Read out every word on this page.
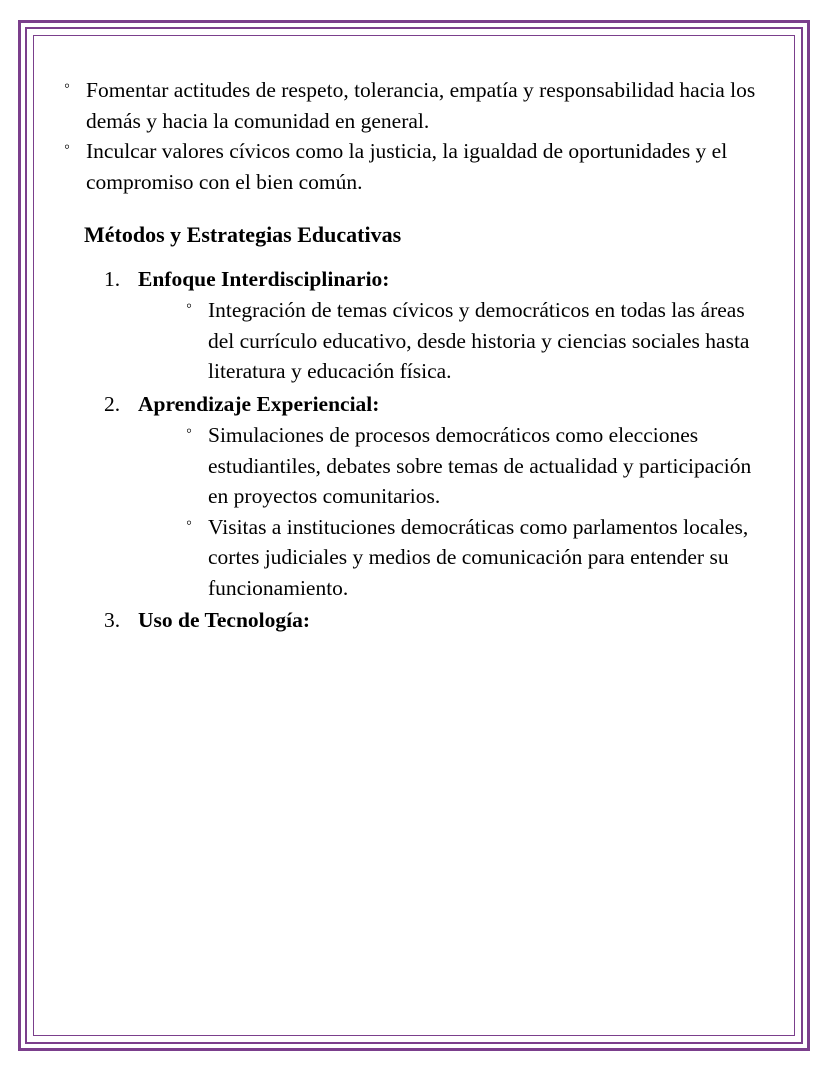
◦ Fomentar actitudes de respeto, tolerancia, empatía y responsabilidad hacia los demás y hacia la comunidad en general.
◦ Inculcar valores cívicos como la justicia, la igualdad de oportunidades y el compromiso con el bien común.
Métodos y Estrategias Educativas
1. Enfoque Interdisciplinario:
◦ Integración de temas cívicos y democráticos en todas las áreas del currículo educativo, desde historia y ciencias sociales hasta literatura y educación física.
2. Aprendizaje Experiencial:
◦ Simulaciones de procesos democráticos como elecciones estudiantiles, debates sobre temas de actualidad y participación en proyectos comunitarios.
◦ Visitas a instituciones democráticas como parlamentos locales, cortes judiciales y medios de comunicación para entender su funcionamiento.
3. Uso de Tecnología:
